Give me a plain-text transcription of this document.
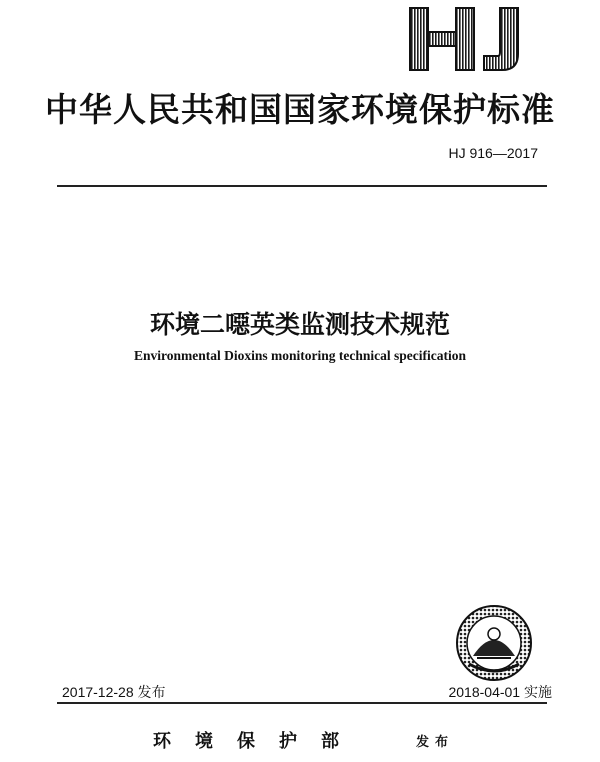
中华人民共和国国家环境保护标准
HJ 916—2017
环境二噁英类监测技术规范
Environmental Dioxins monitoring technical specification
2017-12-28 发布	2018-04-01 实施
环境保护部	发布
